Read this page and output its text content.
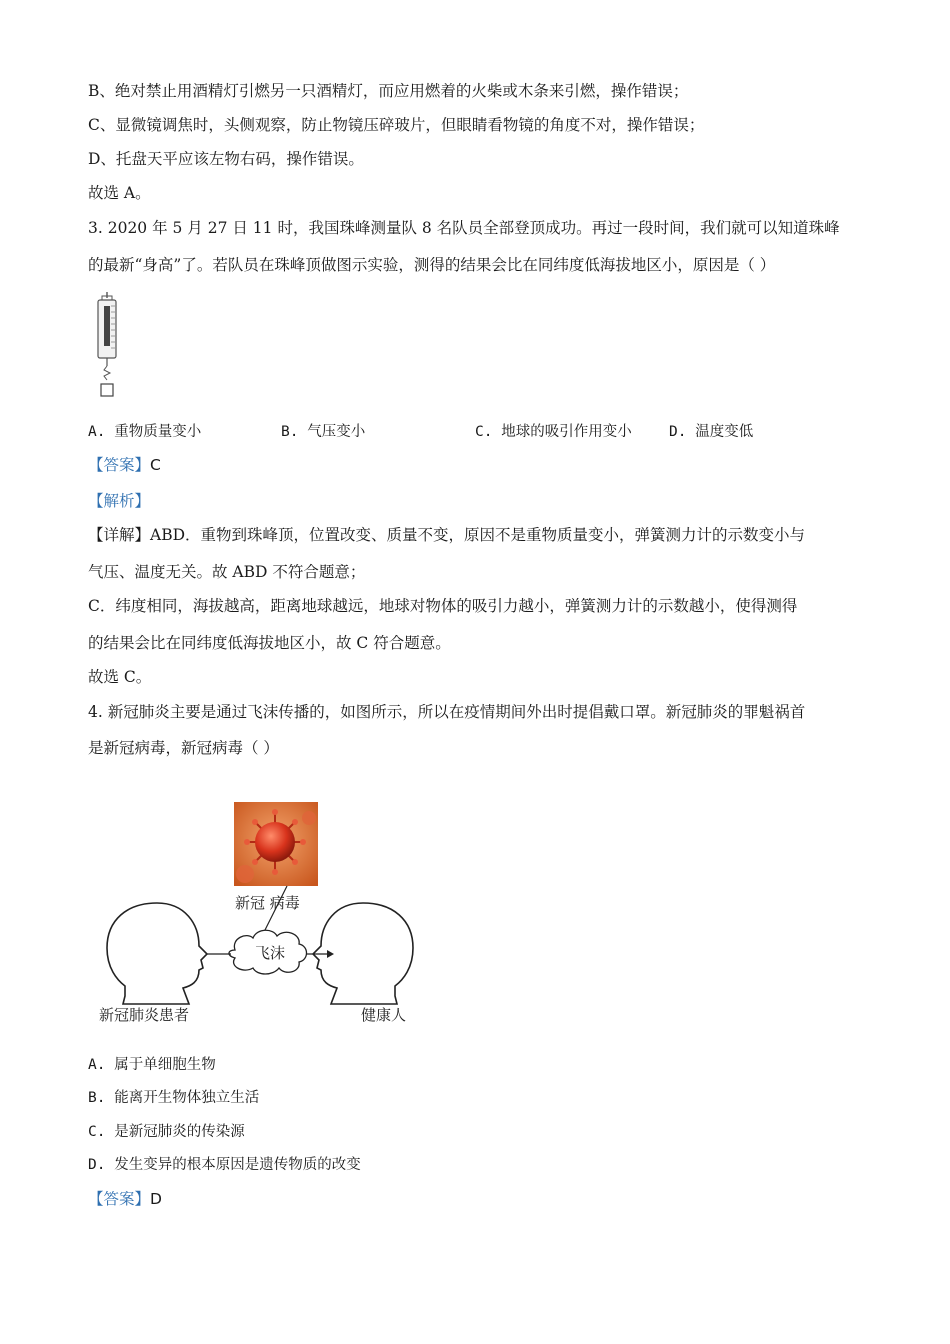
B、绝对禁止用酒精灯引燃另一只酒精灯，而应用燃着的火柴或木条来引燃，操作错误；
C、显微镜调焦时，头侧观察，防止物镜压碎玻片，但眼睛看物镜的角度不对，操作错误；
D、托盘天平应该左物右码，操作错误。
故选 A。
3. 2020 年 5 月 27 日 11 时，我国珠峰测量队 8 名队员全部登顶成功。再过一段时间，我们就可以知道珠峰
的最新“身高”了。若队员在珠峰顶做图示实验，测得的结果会比在同纬度低海拔地区小，原因是（ ）
A. 重物质量变小	B. 气压变小	C. 地球的吸引作用变小	D. 温度变低
【答案】C
【解析】
【详解】ABD．重物到珠峰顶，位置改变、质量不变，原因不是重物质量变小，弹簧测力计的示数变小与
气压、温度无关。故 ABD 不符合题意；
C．纬度相同，海拔越高，距离地球越远，地球对物体的吸引力越小，弹簧测力计的示数越小，使得测得
的结果会比在同纬度低海拔地区小，故 C 符合题意。
故选 C。
4. 新冠肺炎主要是通过飞沫传播的，如图所示，所以在疫情期间外出时提倡戴口罩。新冠肺炎的罪魁祸首
是新冠病毒，新冠病毒（ ）
新冠 病毒
飞沫
新冠肺炎患者	健康人
A. 属于单细胞生物
B. 能离开生物体独立生活
C. 是新冠肺炎的传染源
D. 发生变异的根本原因是遗传物质的改变
【答案】D
